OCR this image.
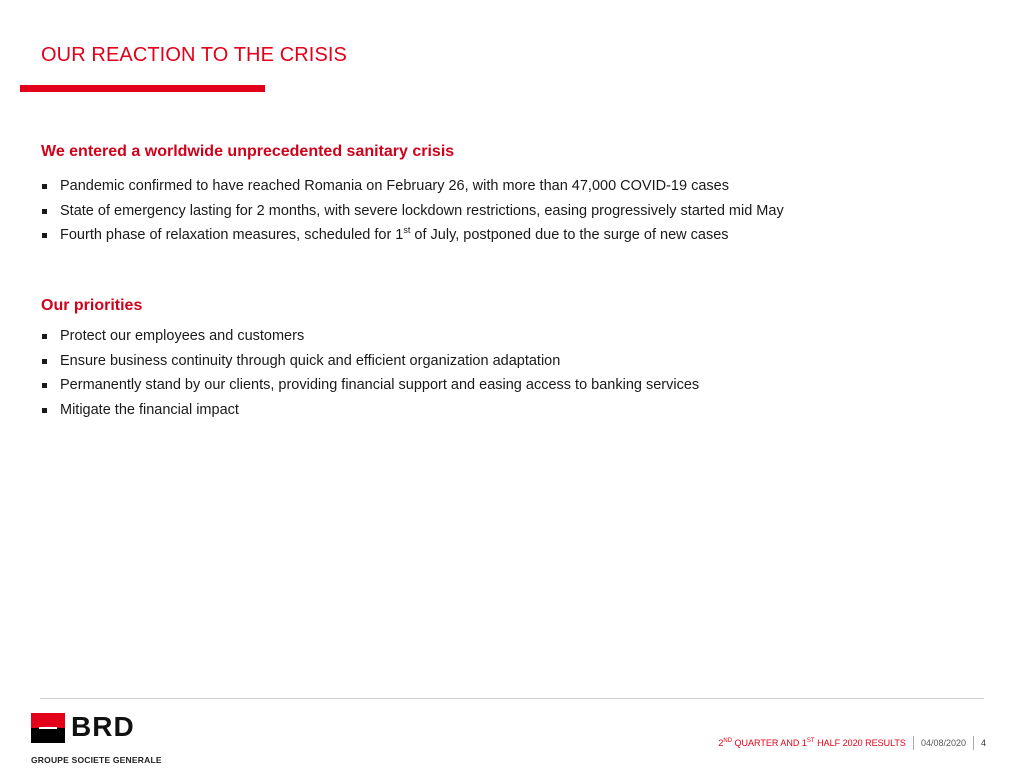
OUR REACTION TO THE CRISIS
We entered a worldwide unprecedented sanitary crisis
Pandemic confirmed to have reached Romania on February 26, with more than 47,000 COVID-19 cases
State of emergency lasting for 2 months, with severe lockdown restrictions, easing progressively started mid May
Fourth phase of relaxation measures, scheduled for 1st of July, postponed due to the surge of new cases
Our priorities
Protect our employees and customers
Ensure business continuity through quick and efficient organization adaptation
Permanently stand by our clients, providing financial support and easing access to banking services
Mitigate the financial impact
BRD
GROUPE SOCIETE GENERALE
2ND QUARTER AND 1ST HALF 2020 RESULTS 04/08/2020 4
